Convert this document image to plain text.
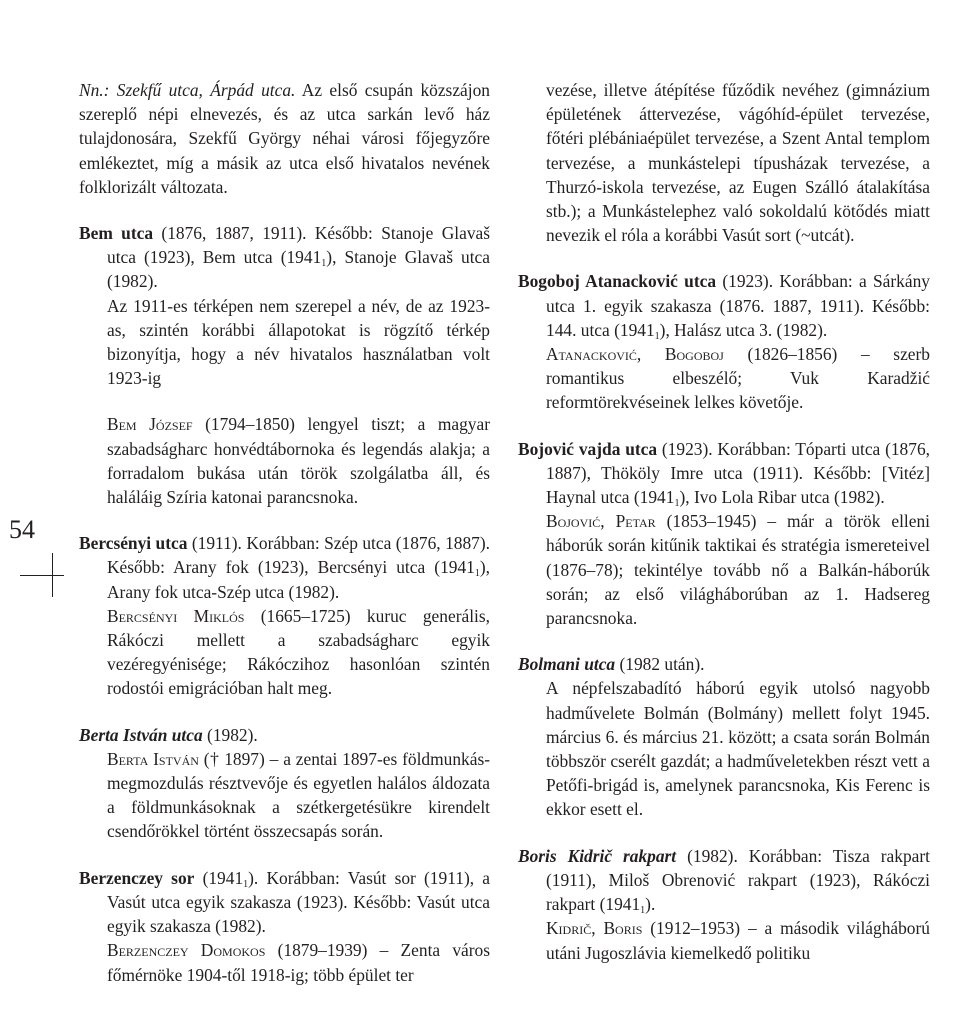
54

Nn.: Szekfű utca, Árpád utca. Az első csupán közszájon szereplő népi elnevezés, és az utca sarkán levő ház tulajdonosára, Szekfű György néhai városi főjegyzőre emlékeztet, míg a másik az utca első hivatalos nevének folklorizált változata.

Bem utca (1876, 1887, 1911). Később: Stanoje Glavaš utca (1923), Bem utca $(1941_1)$, Stanoje Glavaš utca (1982).
Az 1911-es térképen nem szerepel a név, de az 1923-as, szintén korábbi állapotokat is rögzítő térkép bizonyítja, hogy a név hivatalos használatban volt 1923-ig
Bem József (1794–1850) lengyel tiszt; a magyar szabadságharc honvédtábornoka és legendás alakja; a forradalom bukása után török szolgálatba áll, és haláláig Szíria katonai parancsnoka.
Bercsényi utca (1911). Korábban: Szép utca (1876, 1887). Később: Arany fok (1923), Bercsényi utca $(1941_1)$, Arany fok utca-Szép utca (1982).
Bercsényi Miklós (1665–1725) kuruc generális, Rákóczi mellett a szabadságharc egyik vezéregyénisége; Rákóczihoz hasonlóan szintén rodostói emigrációban halt meg.
Berta István utca (1982).
Berta István († 1897) – a zentai 1897-es földmunkás-megmozdulás résztvevője és egyetlen halálos áldozata a földmunkásoknak a szétkergetésükre kirendelt csendőrökkel történt összecsapás során.
Berzenczey sor $(1941_1)$. Korábban: Vasút sor (1911), a Vasút utca egyik szakasza (1923). Később: Vasút utca egyik szakasza (1982).
Berzenczey Domokos (1879–1939) – Zenta város főmérnöke 1904-től 1918-ig; több épület ter
vezése, illetve átépítése fűződik nevéhez (gimnázium épületének áttervezése, vágóhíd-épület tervezése, főtéri plébániaépület tervezése, a Szent Antal templom tervezése, a munkástelepi típusházak tervezése, a Thurzó-iskola tervezése, az Eugen Szálló átalakítása stb.); a Munkástelephez való sokoldalú kötődés miatt nevezik el róla a korábbi Vasút sort (~utcát).
Bogoboj Atanacković utca (1923). Korábban: a Sárkány utca 1. egyik szakasza (1876. 1887, 1911). Később: 144. utca $(1941_1)$, Halász utca 3. (1982).
Atanacković, Bogoboj (1826–1856) – szerb romantikus elbeszélő; Vuk Karadžić reformtörekvéseinek lelkes követője.
Bojović vajda utca (1923). Korábban: Tóparti utca (1876, 1887), Thököly Imre utca (1911). Később: [Vitéz] Haynal utca $(1941_1)$, Ivo Lola Ribar utca (1982).
Bojović, Petar (1853–1945) – már a török elleni háborúk során kitűnik taktikai és stratégia ismereteivel (1876–78); tekintélye tovább nő a Balkán-háborúk során; az első világháborúban az 1. Hadsereg parancsnoka.
Bolmani utca (1982 után).
A népfelszabadító háború egyik utolsó nagyobb hadművelete Bolmán (Bolmány) mellett folyt 1945. március 6. és március 21. között; a csata során Bolmán többször cserélt gazdát; a hadműveletekben részt vett a Petőfi-brigád is, amelynek parancsnoka, Kis Ferenc is ekkor esett el.
Boris Kidrič rakpart (1982). Korábban: Tisza rakpart (1911), Miloš Obrenović rakpart (1923), Rákóczi rakpart $(1941_1)$.
Kidrič, Boris (1912–1953) – a második világháború utáni Jugoszlávia kiemelkedő politiku
